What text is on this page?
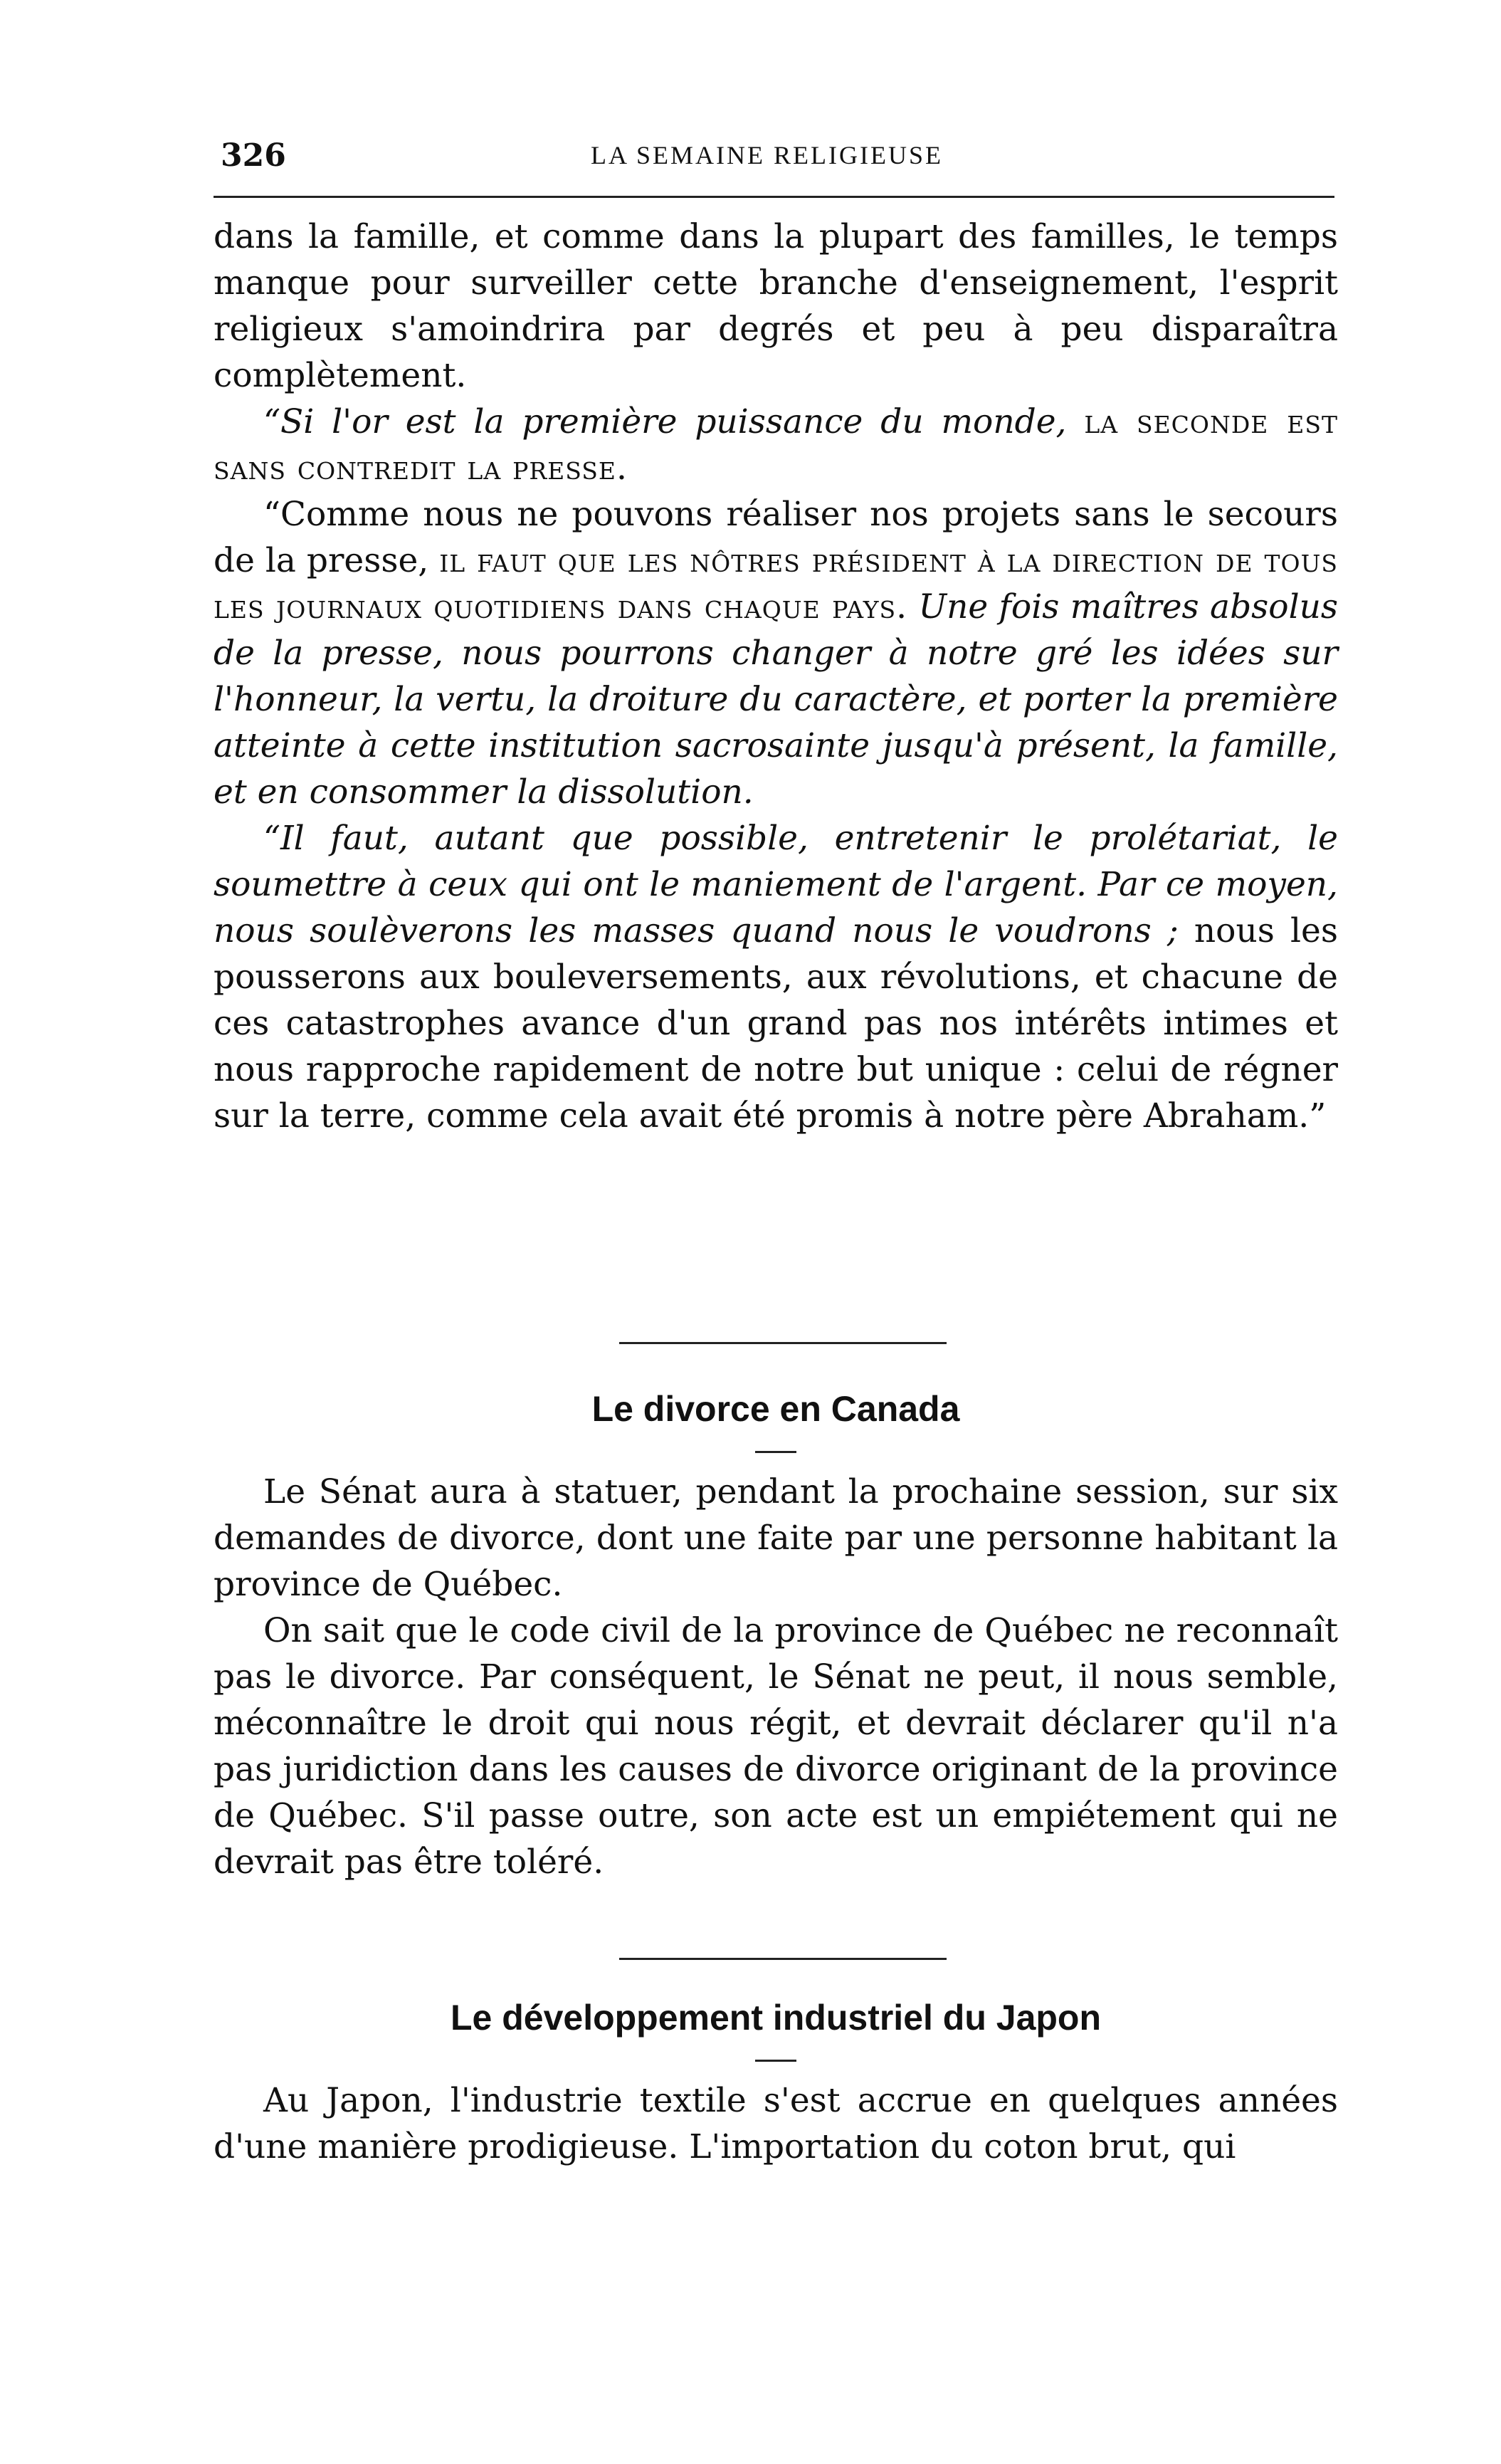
326	LA SEMAINE RELIGIEUSE

dans la famille, et comme dans la plupart des familles, le temps manque pour surveiller cette branche d'enseignement, l'esprit religieux s'amoindrira par degrés et peu à peu disparaîtra complètement.

“Si l'or est la première puissance du monde, la seconde est sans contredit la presse.

“Comme nous ne pouvons réaliser nos projets sans le secours de la presse, il faut que les nôtres président à la direction de tous les journaux quotidiens dans chaque pays. Une fois maîtres absolus de la presse, nous pourrons changer à notre gré les idées sur l'honneur, la vertu, la droiture du caractère, et porter la première atteinte à cette institution sacrosainte jusqu'à présent, la famille, et en consommer la dissolution.

“Il faut, autant que possible, entretenir le prolétariat, le soumettre à ceux qui ont le maniement de l'argent. Par ce moyen, nous soulèverons les masses quand nous le voudrons ; nous les pousserons aux bouleversements, aux révolutions, et chacune de ces catastrophes avance d'un grand pas nos intérêts intimes et nous rapproche rapidement de notre but unique : celui de régner sur la terre, comme cela avait été promis à notre père Abraham.”

Le divorce en Canada

Le Sénat aura à statuer, pendant la prochaine session, sur six demandes de divorce, dont une faite par une personne habitant la province de Québec.

On sait que le code civil de la province de Québec ne reconnaît pas le divorce. Par conséquent, le Sénat ne peut, il nous semble, méconnaître le droit qui nous régit, et devrait déclarer qu'il n'a pas juridiction dans les causes de divorce originant de la province de Québec. S'il passe outre, son acte est un empiétement qui ne devrait pas être toléré.

Le développement industriel du Japon

Au Japon, l'industrie textile s'est accrue en quelques années d'une manière prodigieuse. L'importation du coton brut, qui
